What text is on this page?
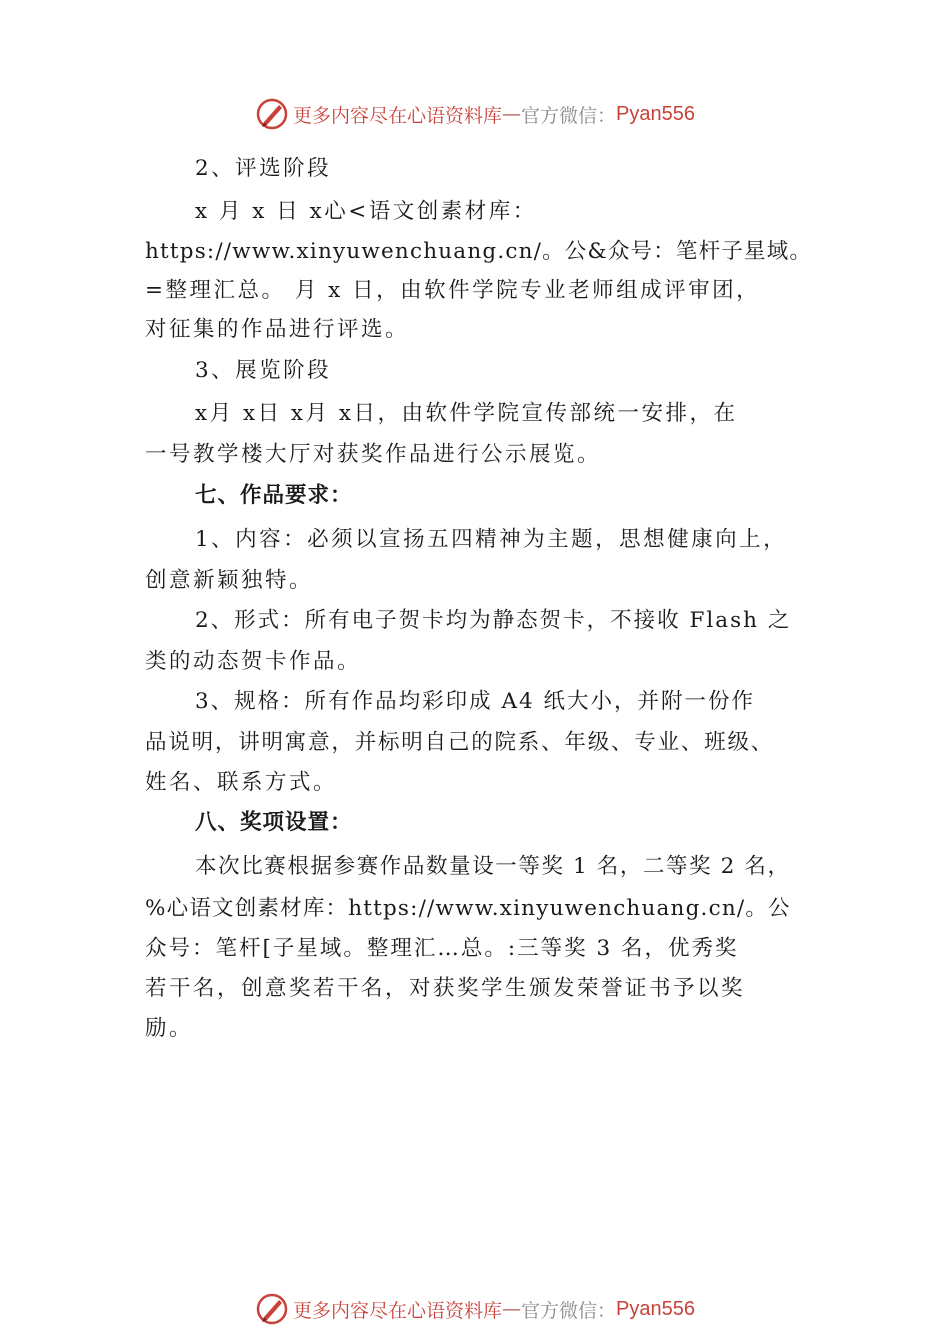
更多内容尽在心语资料库 — 官方微信： Pyan556
2、评选阶段
x 月 x 日 x心<语文创素材库：
https://www.xinyuwenchuang.cn/。公&众号：笔杆子星域。
=整理汇总。 月 x 日，由软件学院专业老师组成评审团，
对征集的作品进行评选。
3、展览阶段
x月 x日 x月 x日，由软件学院宣传部统一安排，在
一号教学楼大厅对获奖作品进行公示展览。
七、作品要求：
1、内容：必须以宣扬五四精神为主题，思想健康向上，
创意新颖独特。
2、形式：所有电子贺卡均为静态贺卡，不接收 Flash 之
类的动态贺卡作品。
3、规格：所有作品均彩印成 A4 纸大小，并附一份作
品说明，讲明寓意，并标明自己的院系、年级、专业、班级、
姓名、联系方式。
八、奖项设置：
本次比赛根据参赛作品数量设一等奖 1 名，二等奖 2 名，
%心语文创素材库：https://www.xinyuwenchuang.cn/。公
众号：笔杆[子星域。整理汇…总。:三等奖 3 名，优秀奖
若干名，创意奖若干名，对获奖学生颁发荣誉证书予以奖
励。
更多内容尽在心语资料库 — 官方微信： Pyan556
